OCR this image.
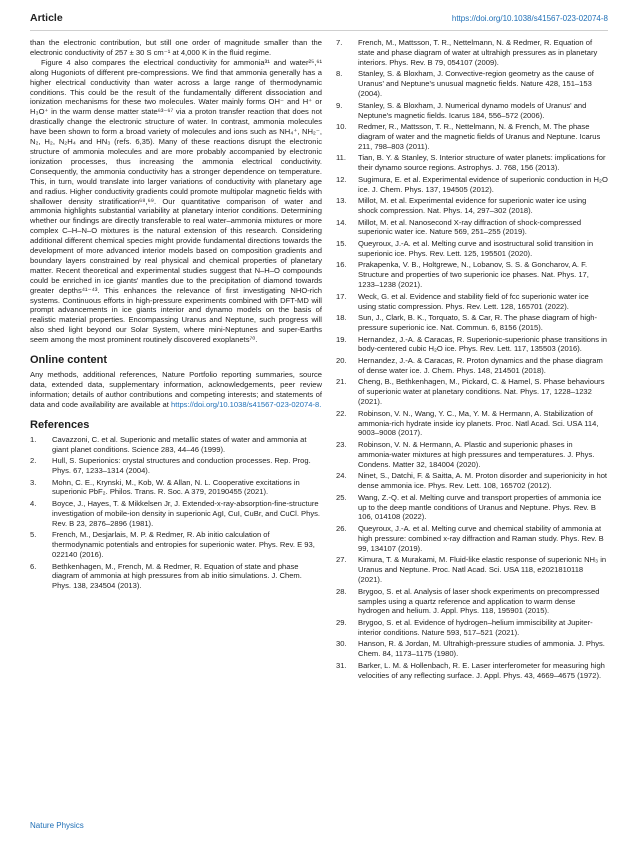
Article	https://doi.org/10.1038/s41567-023-02074-8

than the electronic contribution, but still one order of magnitude smaller than the electronic conductivity of 257 ± 30 S cm⁻¹ at 4,000 K in the fluid regime.

Figure 4 also compares the electrical conductivity for ammonia³¹ and water²⁵,⁶¹ along Hugoniots of different pre-compressions. We find that ammonia generally has a higher electrical conductivity than water across a large range of thermodynamic conditions. This could be the result of the fundamentally different dissociation and ionization mechanisms for these two molecules. Water mainly forms OH⁻ and H⁺ or H₃O⁺ in the warm dense matter state⁶³⁻⁶⁷ via a proton transfer reaction that does not drastically change the electronic structure of water. In contrast, ammonia molecules have been shown to form a broad variety of molecules and ions such as NH₄⁺, NH₂⁻, N₂, H₂, N₂H₄ and HN₃ (refs. 6,35). Many of these reactions disrupt the electronic structure of ammonia molecules and are more probably accompanied by electronic ionization processes, thus increasing the ammonia electrical conductivity. Consequently, the ammonia conductivity has a stronger dependence on temperature. This, in turn, would translate into larger variations of conductivity with planetary age and radius. Higher conductivity gradients could promote multipolar magnetic fields with shallower density stratification⁶⁸,⁶⁹. Our quantitative comparison of water and ammonia highlights substantial variability at planetary interior conditions. Determining whether our findings are directly transferable to real water–ammonia mixtures or more complex C–H–N–O mixtures is the natural extension of this research. Considering additional different chemical species might provide fundamental directions towards the development of more advanced interior models based on composition gradients and boundary layers constrained by real physical and chemical properties of planetary matter. Recent theoretical and experimental studies suggest that N–H–O compounds could be enriched in ice giants' mantles due to the precipitation of diamond towards greater depths⁴¹⁻⁴³. This enhances the relevance of first investigating NHO-rich systems. Continuous efforts in high-pressure experiments combined with DFT-MD will prompt advancements in ice giants interior and dynamo models on the basis of realistic material properties. Encompassing Uranus and Neptune, such progress will also shed light beyond our Solar System, where mini-Neptunes and super-Earths seem among the most prominent routinely discovered exoplanets⁷⁰.

Online content

Any methods, additional references, Nature Portfolio reporting summaries, source data, extended data, supplementary information, acknowledgements, peer review information; details of author contributions and competing interests; and statements of data and code availability are available at https://doi.org/10.1038/s41567-023-02074-8.

References
1.	Cavazzoni, C. et al. Superionic and metallic states of water and ammonia at giant planet conditions. Science 283, 44–46 (1999).
2.	Hull, S. Superionics: crystal structures and conduction processes. Rep. Prog. Phys. 67, 1233–1314 (2004).
3.	Mohn, C. E., Krynski, M., Kob, W. & Allan, N. L. Cooperative excitations in superionic PbF₂. Philos. Trans. R. Soc. A 379, 20190455 (2021).
4.	Boyce, J., Hayes, T. & Mikkelsen Jr, J. Extended-x-ray-absorption-fine-structure investigation of mobile-ion density in superionic AgI, CuI, CuBr, and CuCl. Phys. Rev. B 23, 2876–2896 (1981).
5.	French, M., Desjarlais, M. P. & Redmer, R. Ab initio calculation of thermodynamic potentials and entropies for superionic water. Phys. Rev. E 93, 022140 (2016).
6.	Bethkenhagen, M., French, M. & Redmer, R. Equation of state and phase diagram of ammonia at high pressures from ab initio simulations. J. Chem. Phys. 138, 234504 (2013).
7.	French, M., Mattsson, T. R., Nettelmann, N. & Redmer, R. Equation of state and phase diagram of water at ultrahigh pressures as in planetary interiors. Phys. Rev. B 79, 054107 (2009).
8.	Stanley, S. & Bloxham, J. Convective-region geometry as the cause of Uranus' and Neptune's unusual magnetic fields. Nature 428, 151–153 (2004).
9.	Stanley, S. & Bloxham, J. Numerical dynamo models of Uranus' and Neptune's magnetic fields. Icarus 184, 556–572 (2006).
10.	Redmer, R., Mattsson, T. R., Nettelmann, N. & French, M. The phase diagram of water and the magnetic fields of Uranus and Neptune. Icarus 211, 798–803 (2011).
11.	Tian, B. Y. & Stanley, S. Interior structure of water planets: implications for their dynamo source regions. Astrophys. J. 768, 156 (2013).
12.	Sugimura, E. et al. Experimental evidence of superionic conduction in H₂O ice. J. Chem. Phys. 137, 194505 (2012).
13.	Millot, M. et al. Experimental evidence for superionic water ice using shock compression. Nat. Phys. 14, 297–302 (2018).
14.	Millot, M. et al. Nanosecond X-ray diffraction of shock-compressed superionic water ice. Nature 569, 251–255 (2019).
15.	Queyroux, J.-A. et al. Melting curve and isostructural solid transition in superionic ice. Phys. Rev. Lett. 125, 195501 (2020).
16.	Prakapenka, V. B., Holtgrewe, N., Lobanov, S. S. & Goncharov, A. F. Structure and properties of two superionic ice phases. Nat. Phys. 17, 1233–1238 (2021).
17.	Weck, G. et al. Evidence and stability field of fcc superionic water ice using static compression. Phys. Rev. Lett. 128, 165701 (2022).
18.	Sun, J., Clark, B. K., Torquato, S. & Car, R. The phase diagram of high-pressure superionic ice. Nat. Commun. 6, 8156 (2015).
19.	Hernandez, J.-A. & Caracas, R. Superionic-superionic phase transitions in body-centered cubic H₂O ice. Phys. Rev. Lett. 117, 135503 (2016).
20.	Hernandez, J.-A. & Caracas, R. Proton dynamics and the phase diagram of dense water ice. J. Chem. Phys. 148, 214501 (2018).
21.	Cheng, B., Bethkenhagen, M., Pickard, C. & Hamel, S. Phase behaviours of superionic water at planetary conditions. Nat. Phys. 17, 1228–1232 (2021).
22.	Robinson, V. N., Wang, Y. C., Ma, Y. M. & Hermann, A. Stabilization of ammonia-rich hydrate inside icy planets. Proc. Natl Acad. Sci. USA 114, 9003–9008 (2017).
23.	Robinson, V. N. & Hermann, A. Plastic and superionic phases in ammonia-water mixtures at high pressures and temperatures. J. Phys. Condens. Matter 32, 184004 (2020).
24.	Ninet, S., Datchi, F. & Saitta, A. M. Proton disorder and superionicity in hot dense ammonia ice. Phys. Rev. Lett. 108, 165702 (2012).
25.	Wang, Z.-Q. et al. Melting curve and transport properties of ammonia ice up to the deep mantle conditions of Uranus and Neptune. Phys. Rev. B 106, 014108 (2022).
26.	Queyroux, J.-A. et al. Melting curve and chemical stability of ammonia at high pressure: combined x-ray diffraction and Raman study. Phys. Rev. B 99, 134107 (2019).
27.	Kimura, T. & Murakami, M. Fluid-like elastic response of superionic NH₃ in Uranus and Neptune. Proc. Natl Acad. Sci. USA 118, e2021810118 (2021).
28.	Brygoo, S. et al. Analysis of laser shock experiments on precompressed samples using a quartz reference and application to warm dense hydrogen and helium. J. Appl. Phys. 118, 195901 (2015).
29.	Brygoo, S. et al. Evidence of hydrogen–helium immiscibility at Jupiter-interior conditions. Nature 593, 517–521 (2021).
30.	Hanson, R. & Jordan, M. Ultrahigh-pressure studies of ammonia. J. Phys. Chem. 84, 1173–1175 (1980).
31.	Barker, L. M. & Hollenbach, R. E. Laser interferometer for measuring high velocities of any reflecting surface. J. Appl. Phys. 43, 4669–4675 (1972).
Nature Physics
